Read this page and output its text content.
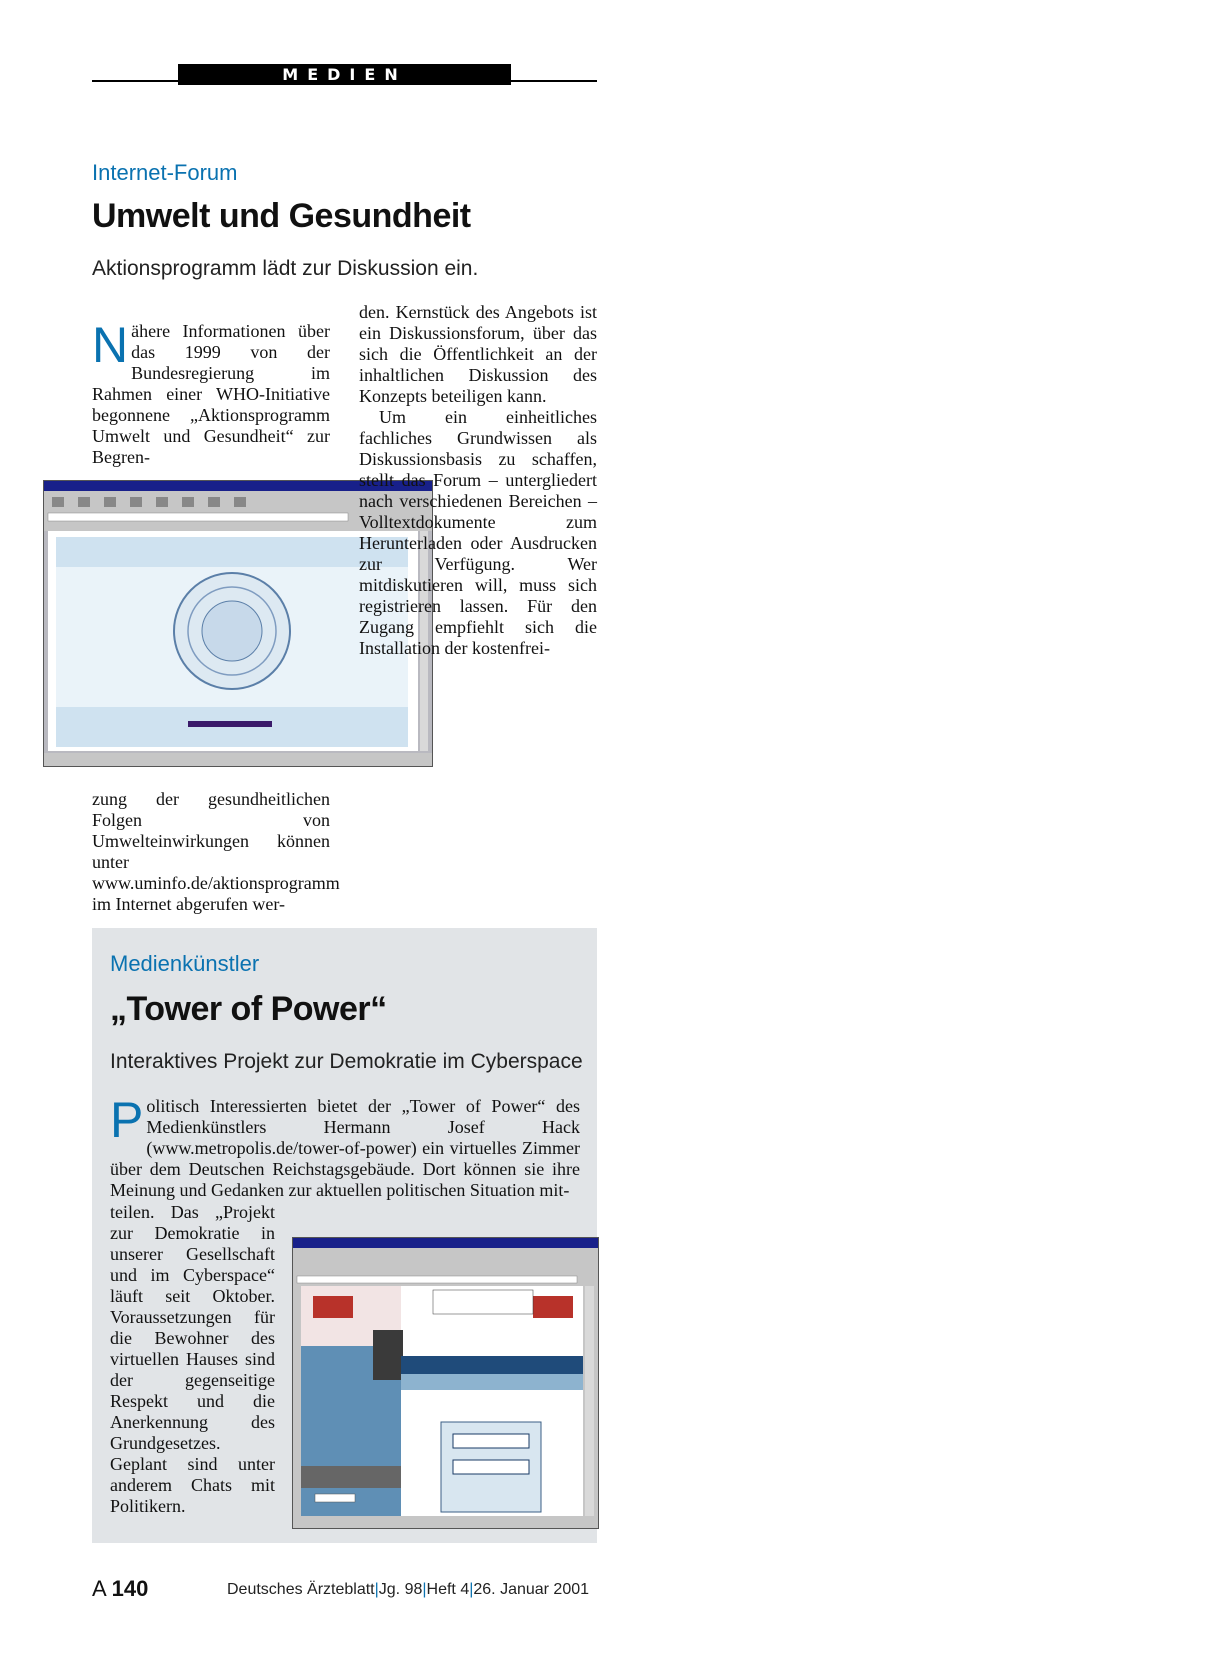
MEDIEN
Internet-Forum
Umwelt und Gesundheit
Aktionsprogramm lädt zur Diskussion ein.
N ähere Informationen über das 1999 von der Bundesregierung im Rahmen einer WHO-Initiative begonnene „Aktionsprogramm Umwelt und Gesundheit“ zur Begren-
zung der gesundheitlichen Folgen von Umwelteinwirkungen können unter www.uminfo.de/aktionsprogramm im Internet abgerufen wer-

den. Kernstück des Angebots ist ein Diskussionsforum, über das sich die Öffentlichkeit an der inhaltlichen Diskussion des Konzepts beteiligen kann.

Um ein einheitliches fachliches Grundwissen als Diskussionsbasis zu schaffen, stellt das Forum – untergliedert nach verschiedenen Bereichen – Volltextdokumente zum Herunterladen oder Ausdrucken zur Verfügung. Wer mitdiskutieren will, muss sich registrieren lassen. Für den Zugang empfiehlt sich die Installation der kostenfrei-

Medienkünstler
„Tower of Power“
Interaktives Projekt zur Demokratie im Cyberspace
P olitisch Interessierten bietet der „Tower of Power“ des Medienkünstlers Hermann Josef Hack (www.metropolis.de/tower-of-power) ein virtuelles Zimmer über dem Deutschen Reichstagsgebäude. Dort können sie ihre Meinung und Gedanken zur aktuellen politischen Situation mit-
teilen. Das „Projekt zur Demokratie in unserer Gesellschaft und im Cyberspace“ läuft seit Oktober. Voraussetzungen für die Bewohner des virtuellen Hauses sind der gegenseitige Respekt und die Anerkennung des Grundgesetzes. Geplant sind unter anderem Chats mit Politikern.
A 140	Deutsches Ärzteblatt|Jg. 98|Heft 4|26. Januar 2001
